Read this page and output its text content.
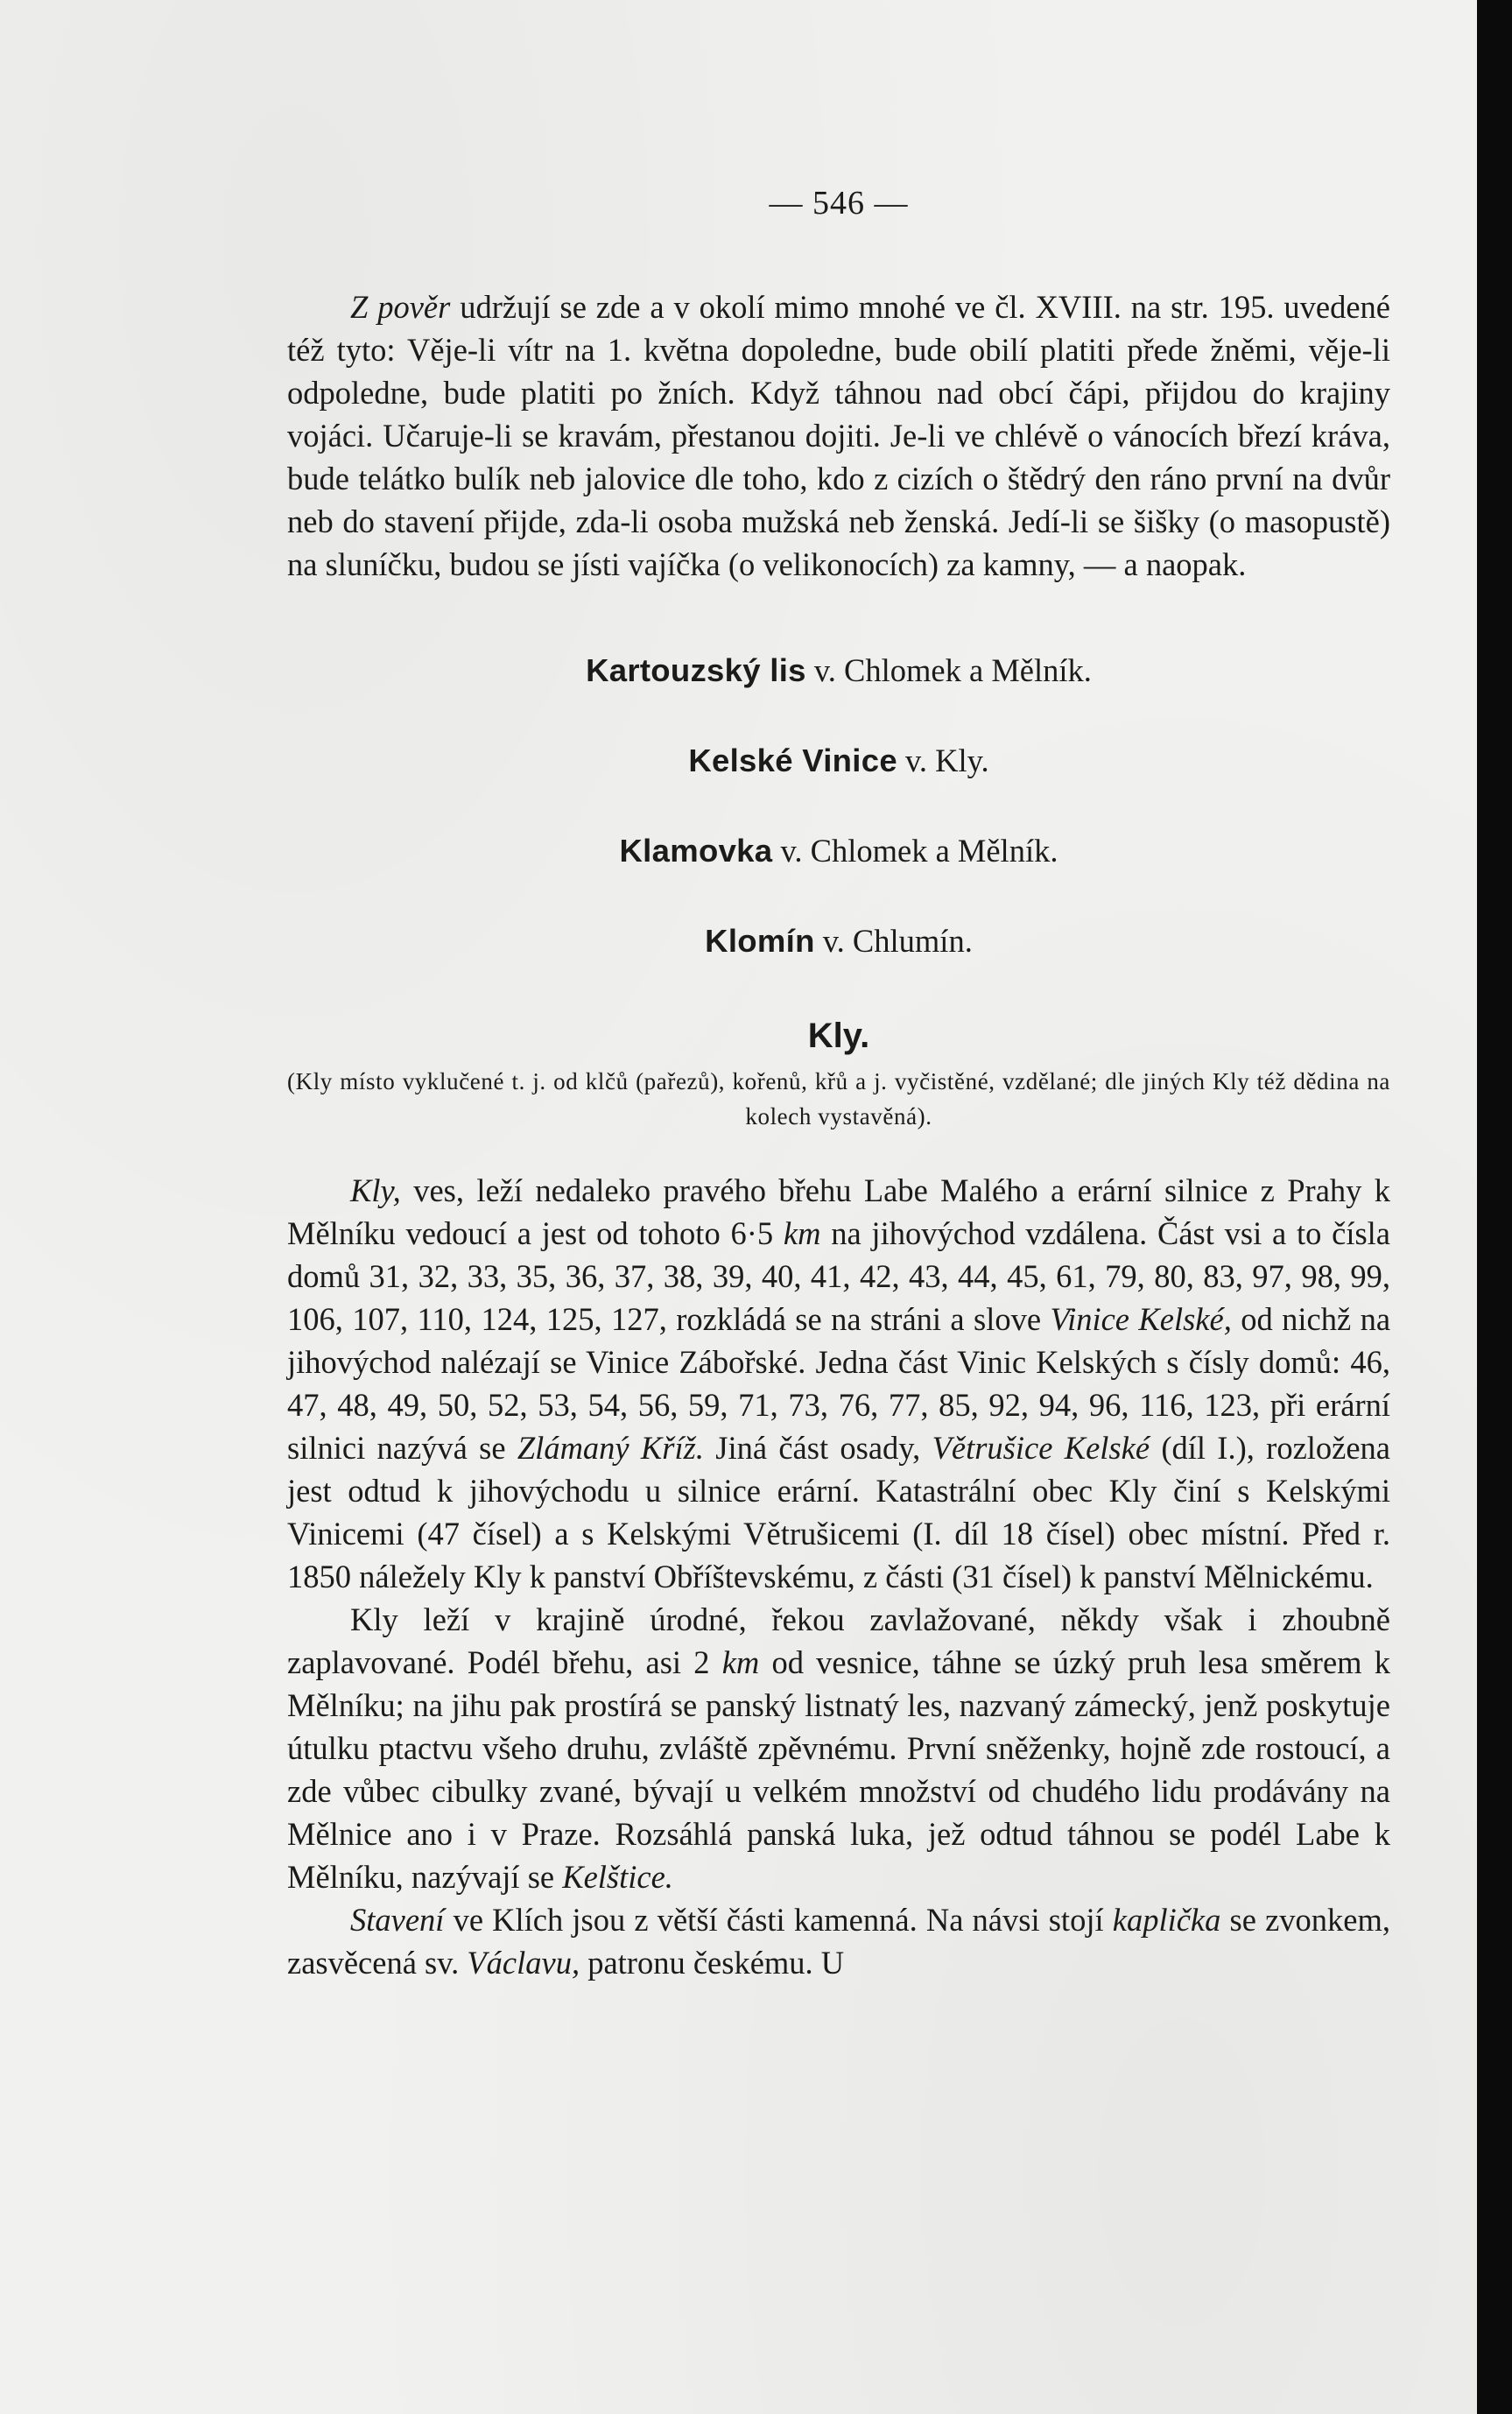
— 546 —

Z pověr udržují se zde a v okolí mimo mnohé ve čl. XVIII. na str. 195. uvedené též tyto: Věje-li vítr na 1. května dopoledne, bude obilí platiti přede žněmi, věje-li odpoledne, bude platiti po žních. Když táhnou nad obcí čápi, přijdou do krajiny vojáci. Učaruje-li se kravám, přestanou dojiti. Je-li ve chlévě o vánocích březí kráva, bude telátko bulík neb jalovice dle toho, kdo z cizích o štědrý den ráno první na dvůr neb do stavení přijde, zda-li osoba mužská neb ženská. Jedí-li se šišky (o masopustě) na sluníčku, budou se jísti vajíčka (o velikonocích) za kamny, — a naopak.

Kartouzský lis v. Chlomek a Mělník.
Kelské Vinice v. Kly.
Klamovka v. Chlomek a Mělník.
Klomín v. Chlumín.
Kly.
(Kly místo vyklučené t. j. od klčů (pařezů), kořenů, křů a j. vyčistěné, vzdělané; dle jiných Kly též dědina na kolech vystavěná).

Kly, ves, leží nedaleko pravého břehu Labe Malého a erární silnice z Prahy k Mělníku vedoucí a jest od tohoto 6·5 km na jihovýchod vzdálena. Část vsi a to čísla domů 31, 32, 33, 35, 36, 37, 38, 39, 40, 41, 42, 43, 44, 45, 61, 79, 80, 83, 97, 98, 99, 106, 107, 110, 124, 125, 127, rozkládá se na stráni a slove Vinice Kelské, od nichž na jihovýchod nalézají se Vinice Zábořské. Jedna část Vinic Kelských s čísly domů: 46, 47, 48, 49, 50, 52, 53, 54, 56, 59, 71, 73, 76, 77, 85, 92, 94, 96, 116, 123, při erární silnici nazývá se Zlámaný Kříž. Jiná část osady, Větrušice Kelské (díl I.), rozložena jest odtud k jihovýchodu u silnice erární. Katastrální obec Kly činí s Kelskými Vinicemi (47 čísel) a s Kelskými Větrušicemi (I. díl 18 čísel) obec místní. Před r. 1850 náležely Kly k panství Obříštevskému, z části (31 čísel) k panství Mělnickému.

Kly leží v krajině úrodné, řekou zavlažované, někdy však i zhoubně zaplavované. Podél břehu, asi 2 km od vesnice, táhne se úzký pruh lesa směrem k Mělníku; na jihu pak prostírá se panský listnatý les, nazvaný zámecký, jenž poskytuje útulku ptactvu všeho druhu, zvláště zpěvnému. První sněženky, hojně zde rostoucí, a zde vůbec cibulky zvané, bývají u velkém množství od chudého lidu prodávány na Mělnice ano i v Praze. Rozsáhlá panská luka, jež odtud táhnou se podél Labe k Mělníku, nazývají se Kelštice.

Stavení ve Klích jsou z větší části kamenná. Na návsi stojí kaplička se zvonkem, zasvěcená sv. Václavu, patronu českému. U
